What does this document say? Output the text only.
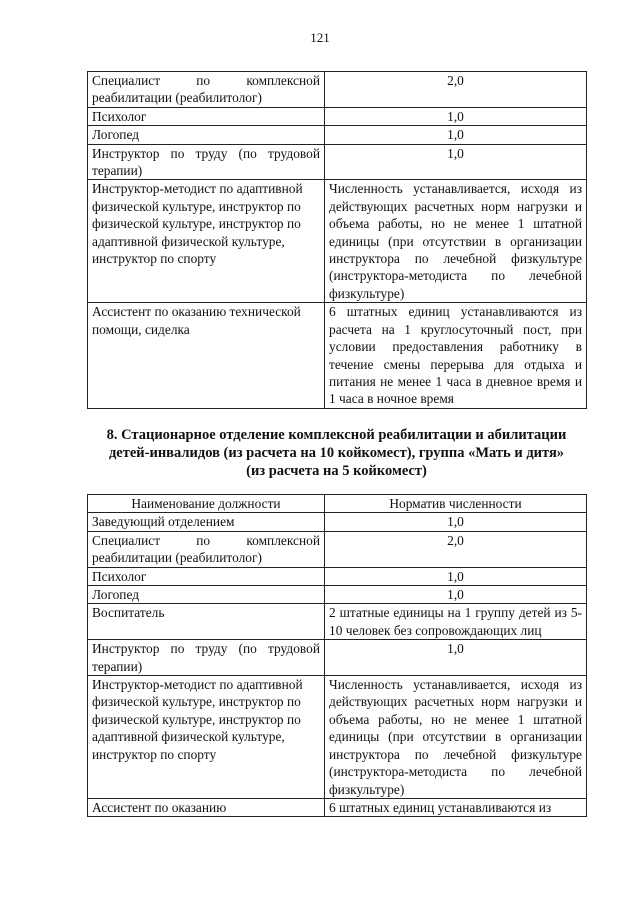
121
Специалист по комплексной реабилитации (реабилитолог)	2,0
Психолог	1,0
Логопед	1,0
Инструктор по труду (по трудовой терапии)	1,0
Инструктор-методист по адаптивной физической культуре, инструктор по физической культуре, инструктор по адаптивной физической культуре, инструктор по спорту	Численность устанавливается, исходя из действующих расчетных норм нагрузки и объема работы, но не менее 1 штатной единицы (при отсутствии в организации инструктора по лечебной физкультуре (инструктора-методиста по лечебной физкультуре)
Ассистент по оказанию технической помощи, сиделка	6 штатных единиц устанавливаются из расчета на 1 круглосуточный пост, при условии предоставления работнику в течение смены перерыва для отдыха и питания не менее 1 часа в дневное время и 1 часа в ночное время
8. Стационарное отделение комплексной реабилитации и абилитации
детей-инвалидов (из расчета на 10 койкомест), группа «Мать и дитя»
(из расчета на 5 койкомест)
Наименование должности	Норматив численности
Заведующий отделением	1,0
Специалист по комплексной реабилитации (реабилитолог)	2,0
Психолог	1,0
Логопед	1,0
Воспитатель	2 штатные единицы на 1 группу детей из 5-10 человек без сопровождающих лиц
Инструктор по труду (по трудовой терапии)	1,0
Инструктор-методист по адаптивной физической культуре, инструктор по физической культуре, инструктор по адаптивной физической культуре, инструктор по спорту	Численность устанавливается, исходя из действующих расчетных норм нагрузки и объема работы, но не менее 1 штатной единицы (при отсутствии в организации инструктора по лечебной физкультуре (инструктора-методиста по лечебной физкультуре)
Ассистент по оказанию	6 штатных единиц устанавливаются из
